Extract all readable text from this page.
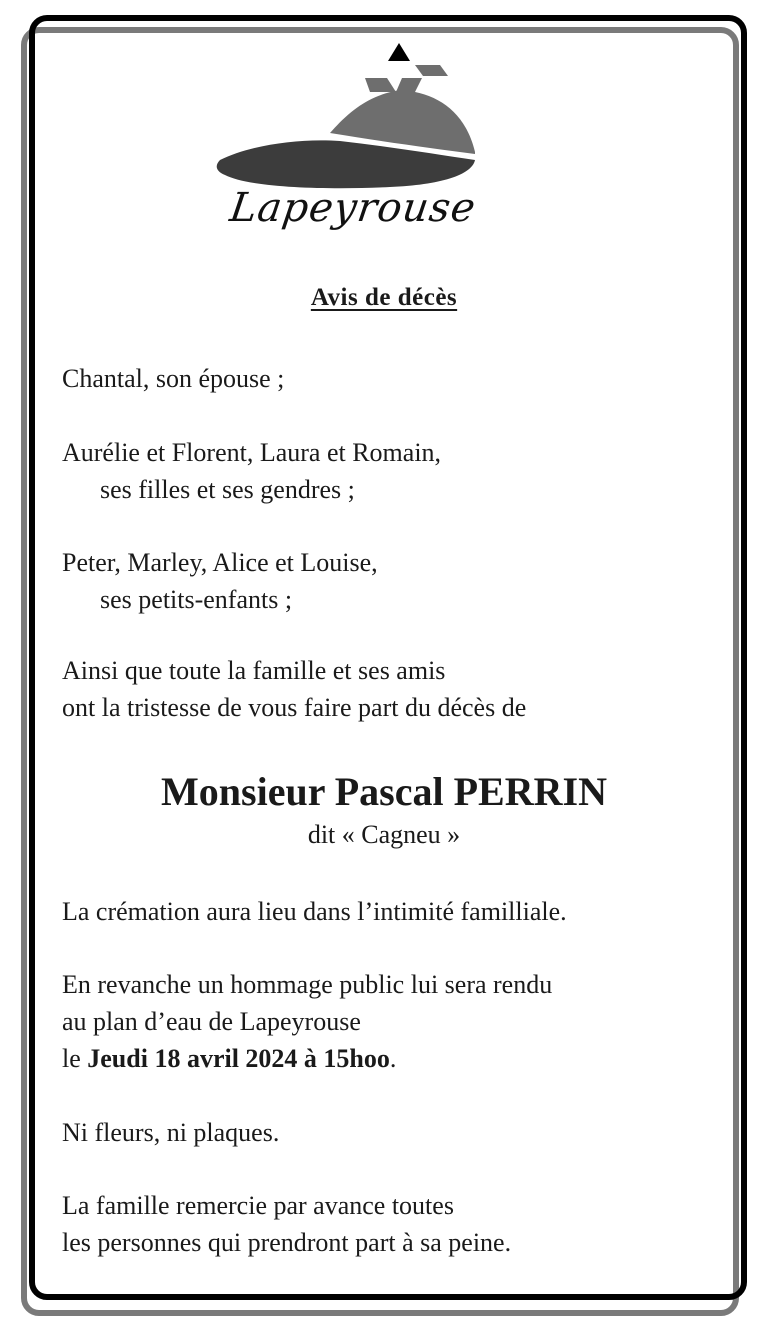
Lapeyrouse
Avis de décès
Chantal, son épouse ;
Aurélie et Florent, Laura et Romain,
ses filles et ses gendres ;
Peter, Marley, Alice et Louise,
ses petits-enfants ;
Ainsi que toute la famille et ses amis
ont la tristesse de vous faire part du décès de
Monsieur Pascal PERRIN
dit « Cagneu »
La crémation aura lieu dans l’intimité familliale.
En revanche un hommage public lui sera rendu
au plan d’eau de Lapeyrouse
le Jeudi 18 avril 2024 à 15hoo.
Ni fleurs, ni plaques.
La famille remercie par avance toutes
les personnes qui prendront part à sa peine.
